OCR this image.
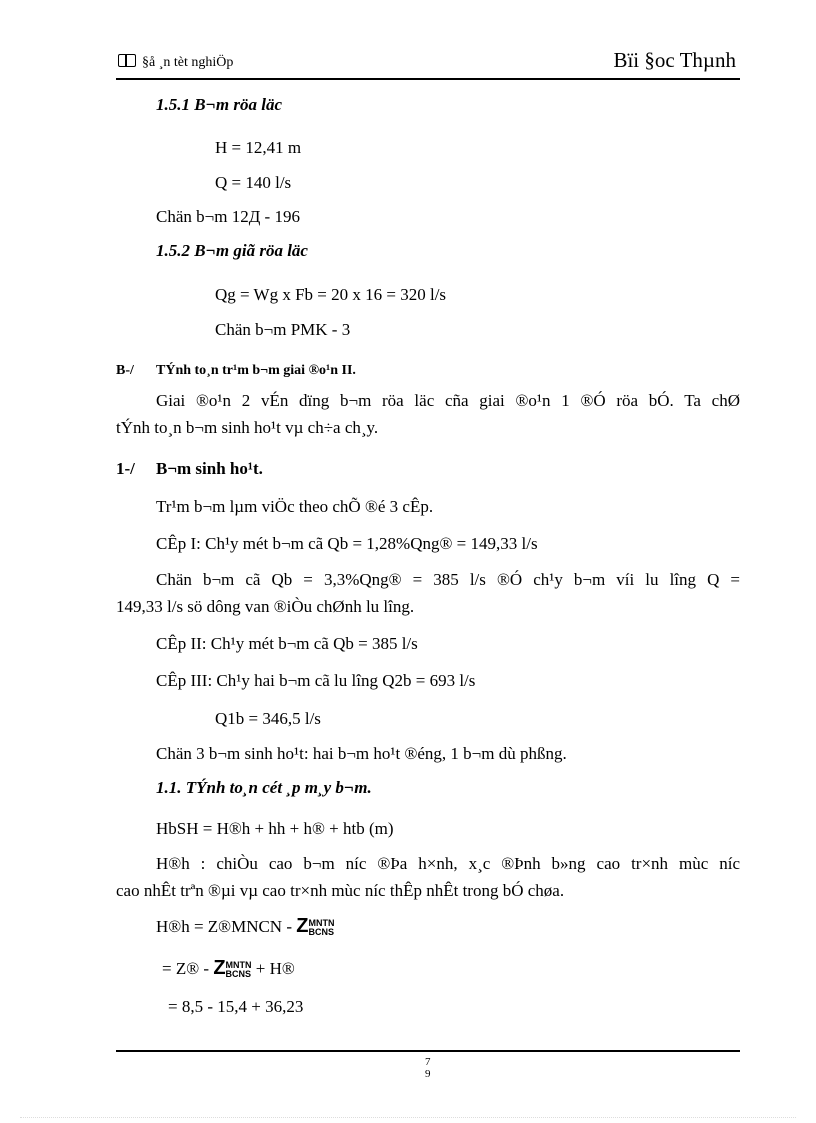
§å ¸n tèt nghiÖp	Bïi §oc Thµnh
1.5.1 B¬m röa läc
H = 12,41 m
Q = 140 l/s
Chän b¬m 12Д - 196
1.5.2 B¬m giã röa läc
Qg = Wg x Fb = 20 x 16 = 320 l/s
Chän b¬m PMK - 3
B-/ TÝnh to¸n tr¹m b¬m giai ®o¹n II.
Giai ®o¹n 2 vÉn dïng b¬m röa läc cña giai ®o¹n 1 ®Ó röa bÓ. Ta chØ
tÝnh to¸n b¬m sinh ho¹t vµ ch÷a ch¸y.
1-/ B¬m sinh ho¹t.
Tr¹m b¬m lµm viÖc theo chÕ ®é 3 cÊp.
CÊp I: Ch¹y mét b¬m cã Qb = 1,28%Qng® = 149,33 l/s
Chän b¬m cã Qb = 3,3%Qng® = 385 l/s ®Ó ch¹y b¬m víi lu lîng Q =
149,33 l/s sö dông van ®iÒu chØnh lu lîng.
CÊp II: Ch¹y mét b¬m cã Qb = 385 l/s
CÊp III: Ch¹y hai b¬m cã lu lîng Q2b = 693 l/s
Q1b = 346,5 l/s
Chän 3 b¬m sinh ho¹t: hai b¬m ho¹t ®éng, 1 b¬m dù phßng.
1.1. TÝnh to¸n cét ¸p m¸y b¬m.
HbSH = H®h + hh + h® + htb (m)
H®h : chiÒu cao b¬m níc ®Þa h×nh, x¸c ®Þnh b»ng cao tr×nh mùc níc
cao nhÊt trªn ®µi vµ cao tr×nh mùc níc thÊp nhÊt trong bÓ chøa.
H®h = Z®MNCN - ZMNTN
BCNS
= Z® - ZMNTN
BCNS + H®
= 8,5 - 15,4 + 36,23
7
9
